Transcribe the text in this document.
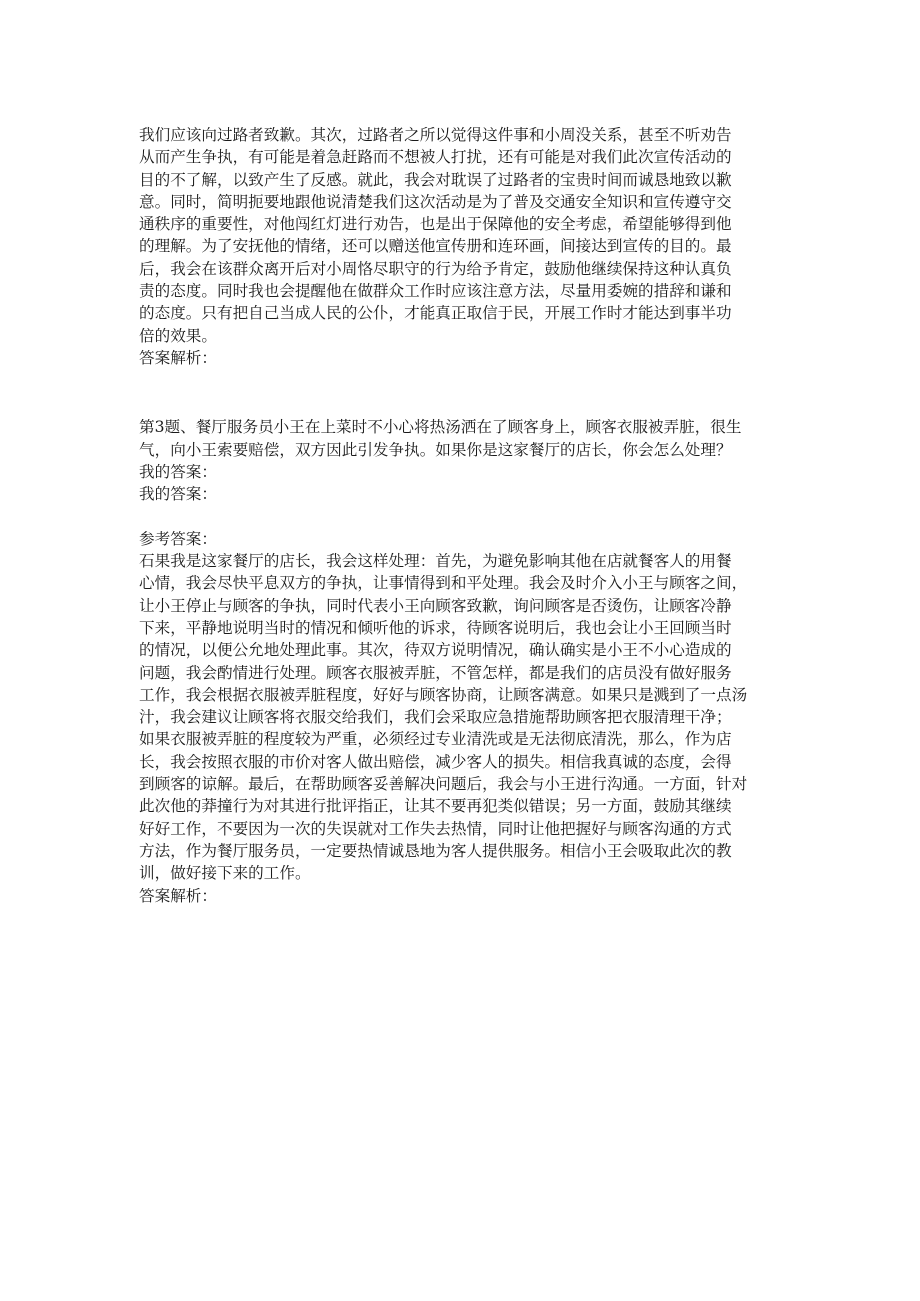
我们应该向过路者致歉。其次，过路者之所以觉得这件事和小周没关系，甚至不听劝告
从而产生争执，有可能是着急赶路而不想被人打扰，还有可能是对我们此次宣传活动的
目的不了解，以致产生了反感。就此，我会对耽误了过路者的宝贵时间而诚恳地致以歉
意。同时，简明扼要地跟他说清楚我们这次活动是为了普及交通安全知识和宣传遵守交
通秩序的重要性，对他闯红灯进行劝告，也是出于保障他的安全考虑，希望能够得到他
的理解。为了安抚他的情绪，还可以赠送他宣传册和连环画，间接达到宣传的目的。最
后，我会在该群众离开后对小周恪尽职守的行为给予肯定，鼓励他继续保持这种认真负
责的态度。同时我也会提醒他在做群众工作时应该注意方法，尽量用委婉的措辞和谦和
的态度。只有把自己当成人民的公仆，才能真正取信于民，开展工作时才能达到事半功
倍的效果。
答案解析：
第3题、餐厅服务员小王在上菜时不小心将热汤洒在了顾客身上，顾客衣服被弄脏，很生
气，向小王索要赔偿，双方因此引发争执。如果你是这家餐厅的店长，你会怎么处理？
我的答案：
我的答案：
参考答案：
石果我是这家餐厅的店长，我会这样处理：首先，为避免影响其他在店就餐客人的用餐
心情，我会尽快平息双方的争执，让事情得到和平处理。我会及时介入小王与顾客之间，
让小王停止与顾客的争执，同时代表小王向顾客致歉，询问顾客是否烫伤，让顾客冷静
下来，平静地说明当时的情况和倾听他的诉求，待顾客说明后，我也会让小王回顾当时
的情况，以便公允地处理此事。其次，待双方说明情况，确认确实是小王不小心造成的
问题，我会酌情进行处理。顾客衣服被弄脏，不管怎样，都是我们的店员没有做好服务
工作，我会根据衣服被弄脏程度，好好与顾客协商，让顾客满意。如果只是溅到了一点汤
汁，我会建议让顾客将衣服交给我们，我们会采取应急措施帮助顾客把衣服清理干净；
如果衣服被弄脏的程度较为严重，必须经过专业清洗或是无法彻底清洗，那么，作为店
长，我会按照衣服的市价对客人做出赔偿，减少客人的损失。相信我真诚的态度，会得
到顾客的谅解。最后，在帮助顾客妥善解决问题后，我会与小王进行沟通。一方面，针对
此次他的莽撞行为对其进行批评指正，让其不要再犯类似错误；另一方面，鼓励其继续
好好工作，不要因为一次的失误就对工作失去热情，同时让他把握好与顾客沟通的方式
方法，作为餐厅服务员，一定要热情诚恳地为客人提供服务。相信小王会吸取此次的教
训，做好接下来的工作。
答案解析：
